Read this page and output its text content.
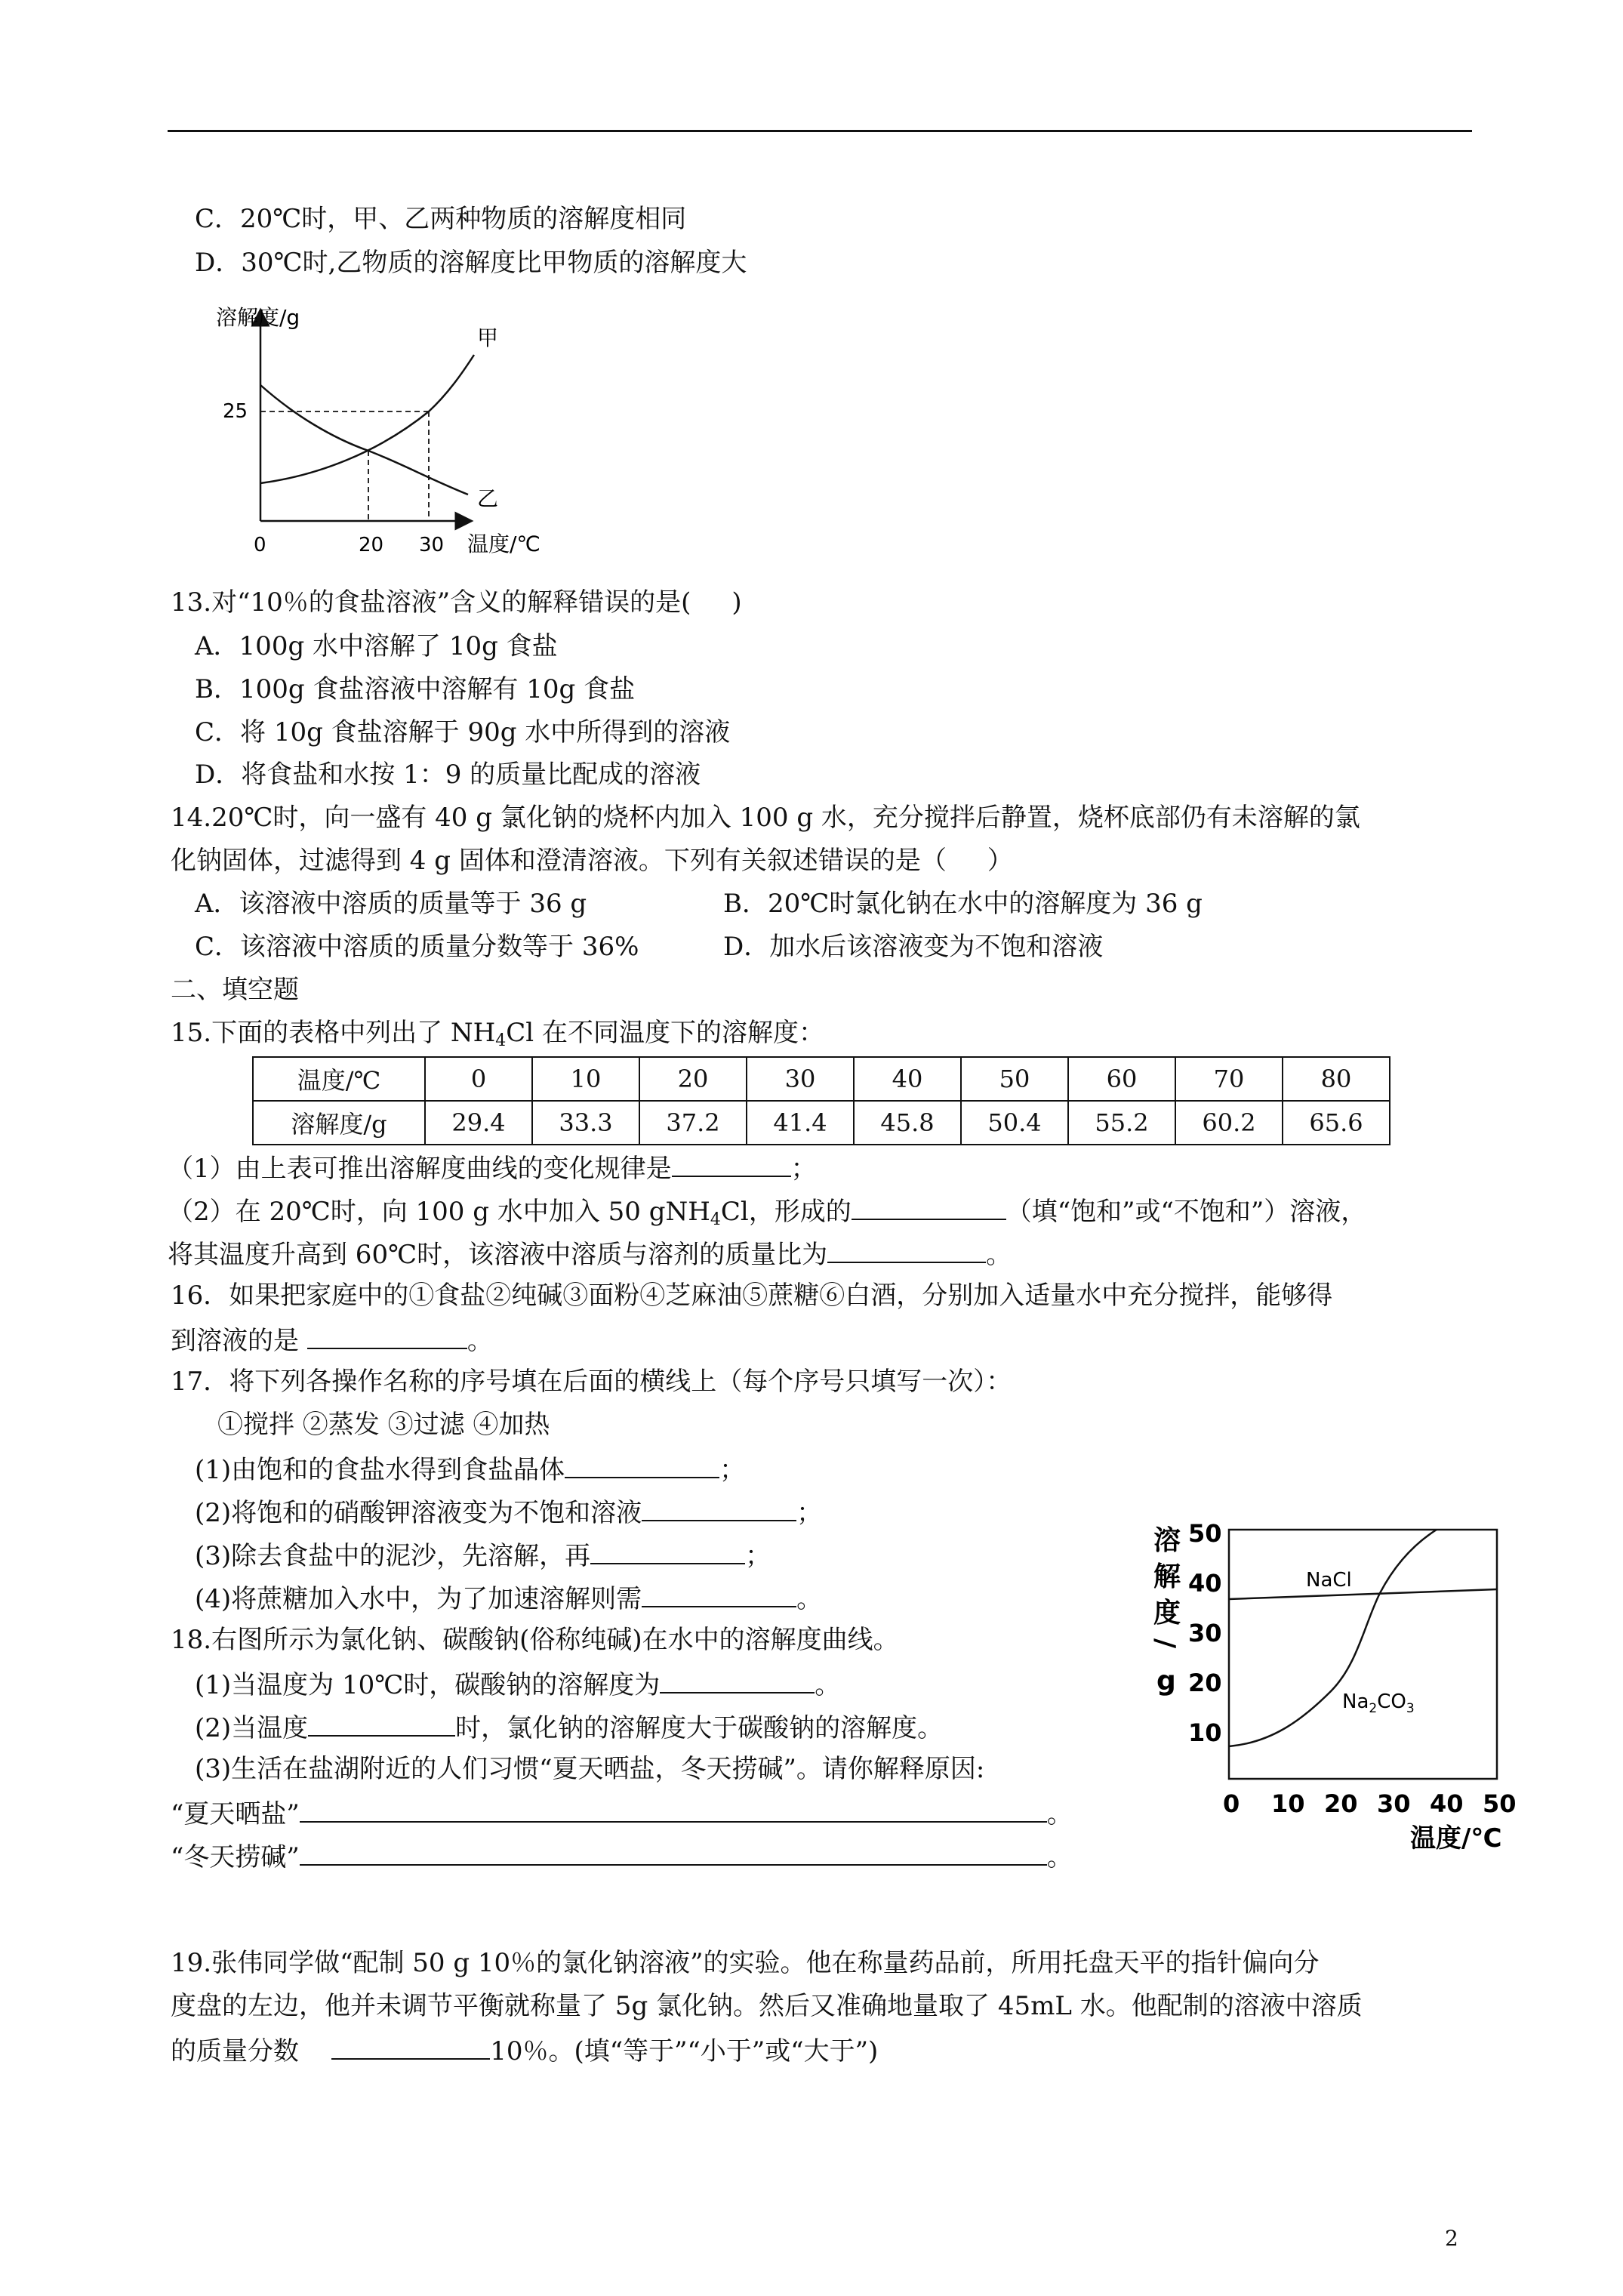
C．20℃时，甲、乙两种物质的溶解度相同
D．30℃时,乙物质的溶解度比甲物质的溶解度大
溶解度/g
温度/℃
25
0	20 30
甲
乙
13.对“10％的食盐溶液”含义的解释错误的是(     )
A．100g 水中溶解了 10g 食盐
B．100g 食盐溶液中溶解有 10g 食盐
C．将 10g 食盐溶解于 90g 水中所得到的溶液
D．将食盐和水按 1：9 的质量比配成的溶液
14.20℃时，向一盛有 40 g 氯化钠的烧杯内加入 100 g 水，充分搅拌后静置，烧杯底部仍有未溶解的氯
化钠固体，过滤得到 4 g 固体和澄清溶液。下列有关叙述错误的是（     ）
A．该溶液中溶质的质量等于 36 g	B．20℃时氯化钠在水中的溶解度为 36 g
C．该溶液中溶质的质量分数等于 36%	D．加水后该溶液变为不饱和溶液
二、填空题
15.下面的表格中列出了 $NH_4Cl$ 在不同温度下的溶解度：
温度/℃	0	10	20	30	40	50	60	70	80
溶解度/g	29.4	33.3	37.2	41.4	45.8	50.4	55.2	60.2	65.6
（1）由上表可推出溶解度曲线的变化规律是	；
（2）在 20℃时，向 100 g 水中加入 50 gNH$_4$Cl，形成的	（填“饱和”或“不饱和”）溶液，
将其温度升高到 60℃时，该溶液中溶质与溶剂的质量比为	。
16．如果把家庭中的①食盐②纯碱③面粉④芝麻油⑤蔗糖⑥白酒，分别加入适量水中充分搅拌，能够得
到溶液的是	。
17．将下列各操作名称的序号填在后面的横线上（每个序号只填写一次）：
①搅拌 ②蒸发 ③过滤 ④加热
(1)由饱和的食盐水得到食盐晶体	；
(2)将饱和的硝酸钾溶液变为不饱和溶液	；
(3)除去食盐中的泥沙，先溶解，再	；
(4)将蔗糖加入水中，为了加速溶解则需	。
18.右图所示为氯化钠、碳酸钠(俗称纯碱)在水中的溶解度曲线。
(1)当温度为 10℃时，碳酸钠的溶解度为	。
(2)当温度	时，氯化钠的溶解度大于碳酸钠的溶解度。
(3)生活在盐湖附近的人们习惯“夏天晒盐，冬天捞碱”。请你解释原因:
“夏天晒盐”	。
“冬天捞碱”	。
溶
解
度
/
g
50
40
30
20
10
0 10 20 30 40 50
温度/℃
NaCl
$Na_2CO_3$
19.张伟同学做“配制 50 g 10％的氯化钠溶液”的实验。他在称量药品前，所用托盘天平的指针偏向分
度盘的左边，他并未调节平衡就称量了 5g 氯化钠。然后又准确地量取了 45mL 水。他配制的溶液中溶质
的质量分数	10％。(填“等于”“小于”或“大于”)
2
